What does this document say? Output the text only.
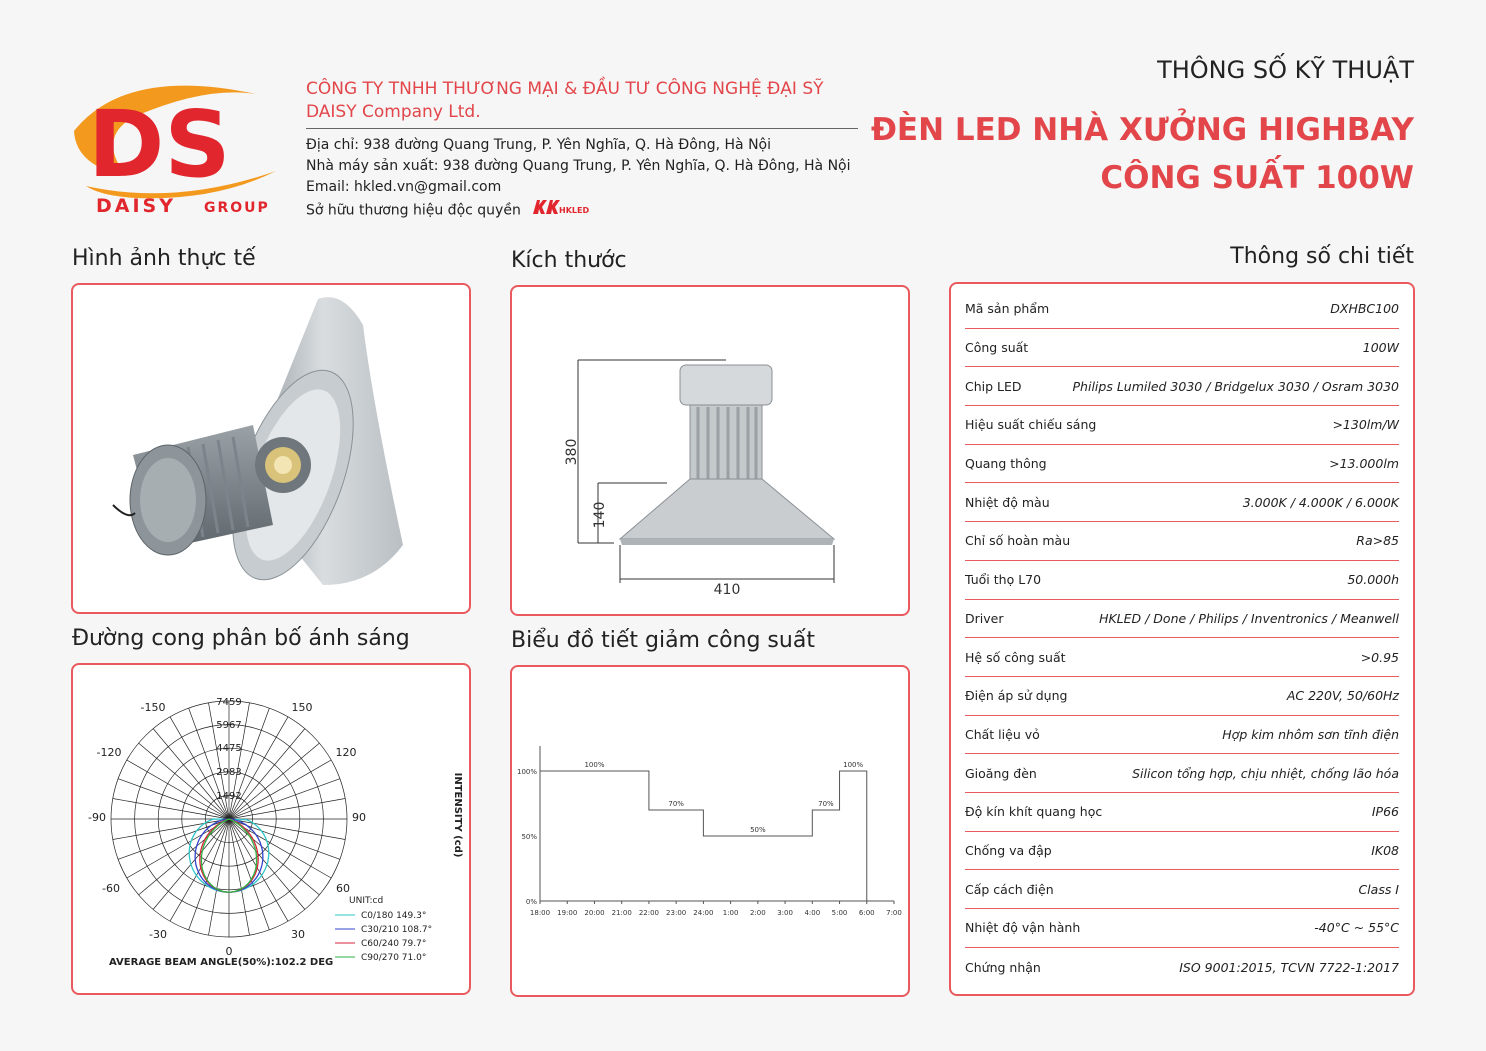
DS
DAISY GROUP
CÔNG TY TNHH THƯƠNG MẠI & ĐẦU TƯ CÔNG NGHỆ ĐẠI SỸ
DAISY Company Ltd.
Địa chỉ: 938 đường Quang Trung, P. Yên Nghĩa, Q. Hà Đông, Hà Nội
Nhà máy sản xuất: 938 đường Quang Trung, P. Yên Nghĩa, Q. Hà Đông, Hà Nội
Email: hkled.vn@gmail.com
Sở hữu thương hiệu độc quyền	HKLED
THÔNG SỐ KỸ THUẬT
ĐÈN LED NHÀ XƯỞNG HIGHBAY
CÔNG SUẤT 100W
Hình ảnh thực tế	Kích thước	Thông số chi tiết
Đường cong phân bố ánh sáng	Biểu đồ tiết giảm công suất
380
140
410
-150	150
-120	120
-90	90
-60	60
-30	30
0
7459
5967
4475
2983
1492	INTENSITY (cd)
UNIT:cd
C0/180 149.3°
C30/210 108.7°
C60/240 79.7°
C90/270 71.0°
AVERAGE BEAM ANGLE(50%):102.2 DEG
18:00 19:00 20:00 21:00 22:00 23:00 24:00 1:00 2:00 3:00 4:00 5:00 6:00 7:00
100%
50%
0%
100%
70%
50%
70%
100%
Mã sản phẩm	DXHBC100
Công suất	100W
Chip LED	Philips Lumiled 3030 / Bridgelux 3030 / Osram 3030
Hiệu suất chiếu sáng	>130lm/W
Quang thông	>13.000lm
Nhiệt độ màu	3.000K / 4.000K / 6.000K
Chỉ số hoàn màu	Ra>85
Tuổi thọ L70	50.000h
Driver	HKLED / Done / Philips / Inventronics / Meanwell
Hệ số công suất	>0.95
Điện áp sử dụng	AC 220V, 50/60Hz
Chất liệu vỏ	Hợp kim nhôm sơn tĩnh điện
Gioăng đèn	Silicon tổng hợp, chịu nhiệt, chống lão hóa
Độ kín khít quang học	IP66
Chống va đập	IK08
Cấp cách điện	Class I
Nhiệt độ vận hành	-40°C ~ 55°C
Chứng nhận	ISO 9001:2015, TCVN 7722-1:2017
